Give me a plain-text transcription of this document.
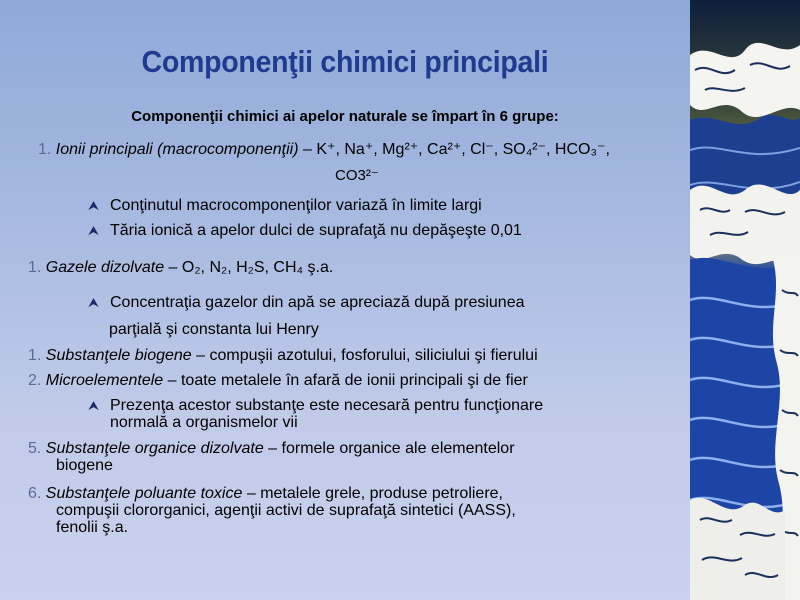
Componenţii chimici principali
Componenţii chimici ai apelor naturale se împart în 6 grupe:
1. Ionii principali (macrocomponenţii) – K⁺, Na⁺, Mg²⁺, Ca²⁺, Cl⁻, SO₄²⁻, HCO₃⁻,
CO3²⁻
⮝ Conţinutul macrocomponenţilor variază în limite largi
⮝ Tăria ionică a apelor dulci de suprafaţă nu depăşeşte 0,01
1. Gazele dizolvate – O₂, N₂, H₂S, CH₄ ş.a.
⮝ Concentraţia gazelor din apă se apreciază după presiunea
parţială şi constanta lui Henry
1. Substanţele biogene – compuşii azotului, fosforului, siliciului şi fierului
2. Microelementele – toate metalele în afară de ionii principali şi de fier
⮝ Prezenţa acestor substanţe este necesară pentru funcţionare
normală a organismelor vii
5. Substanţele organice dizolvate – formele organice ale elementelor
biogene
6. Substanţele poluante toxice – metalele grele, produse petroliere,
compuşii clororganici, agenţii activi de suprafaţă sintetici (AASS),
fenolii ş.a.
